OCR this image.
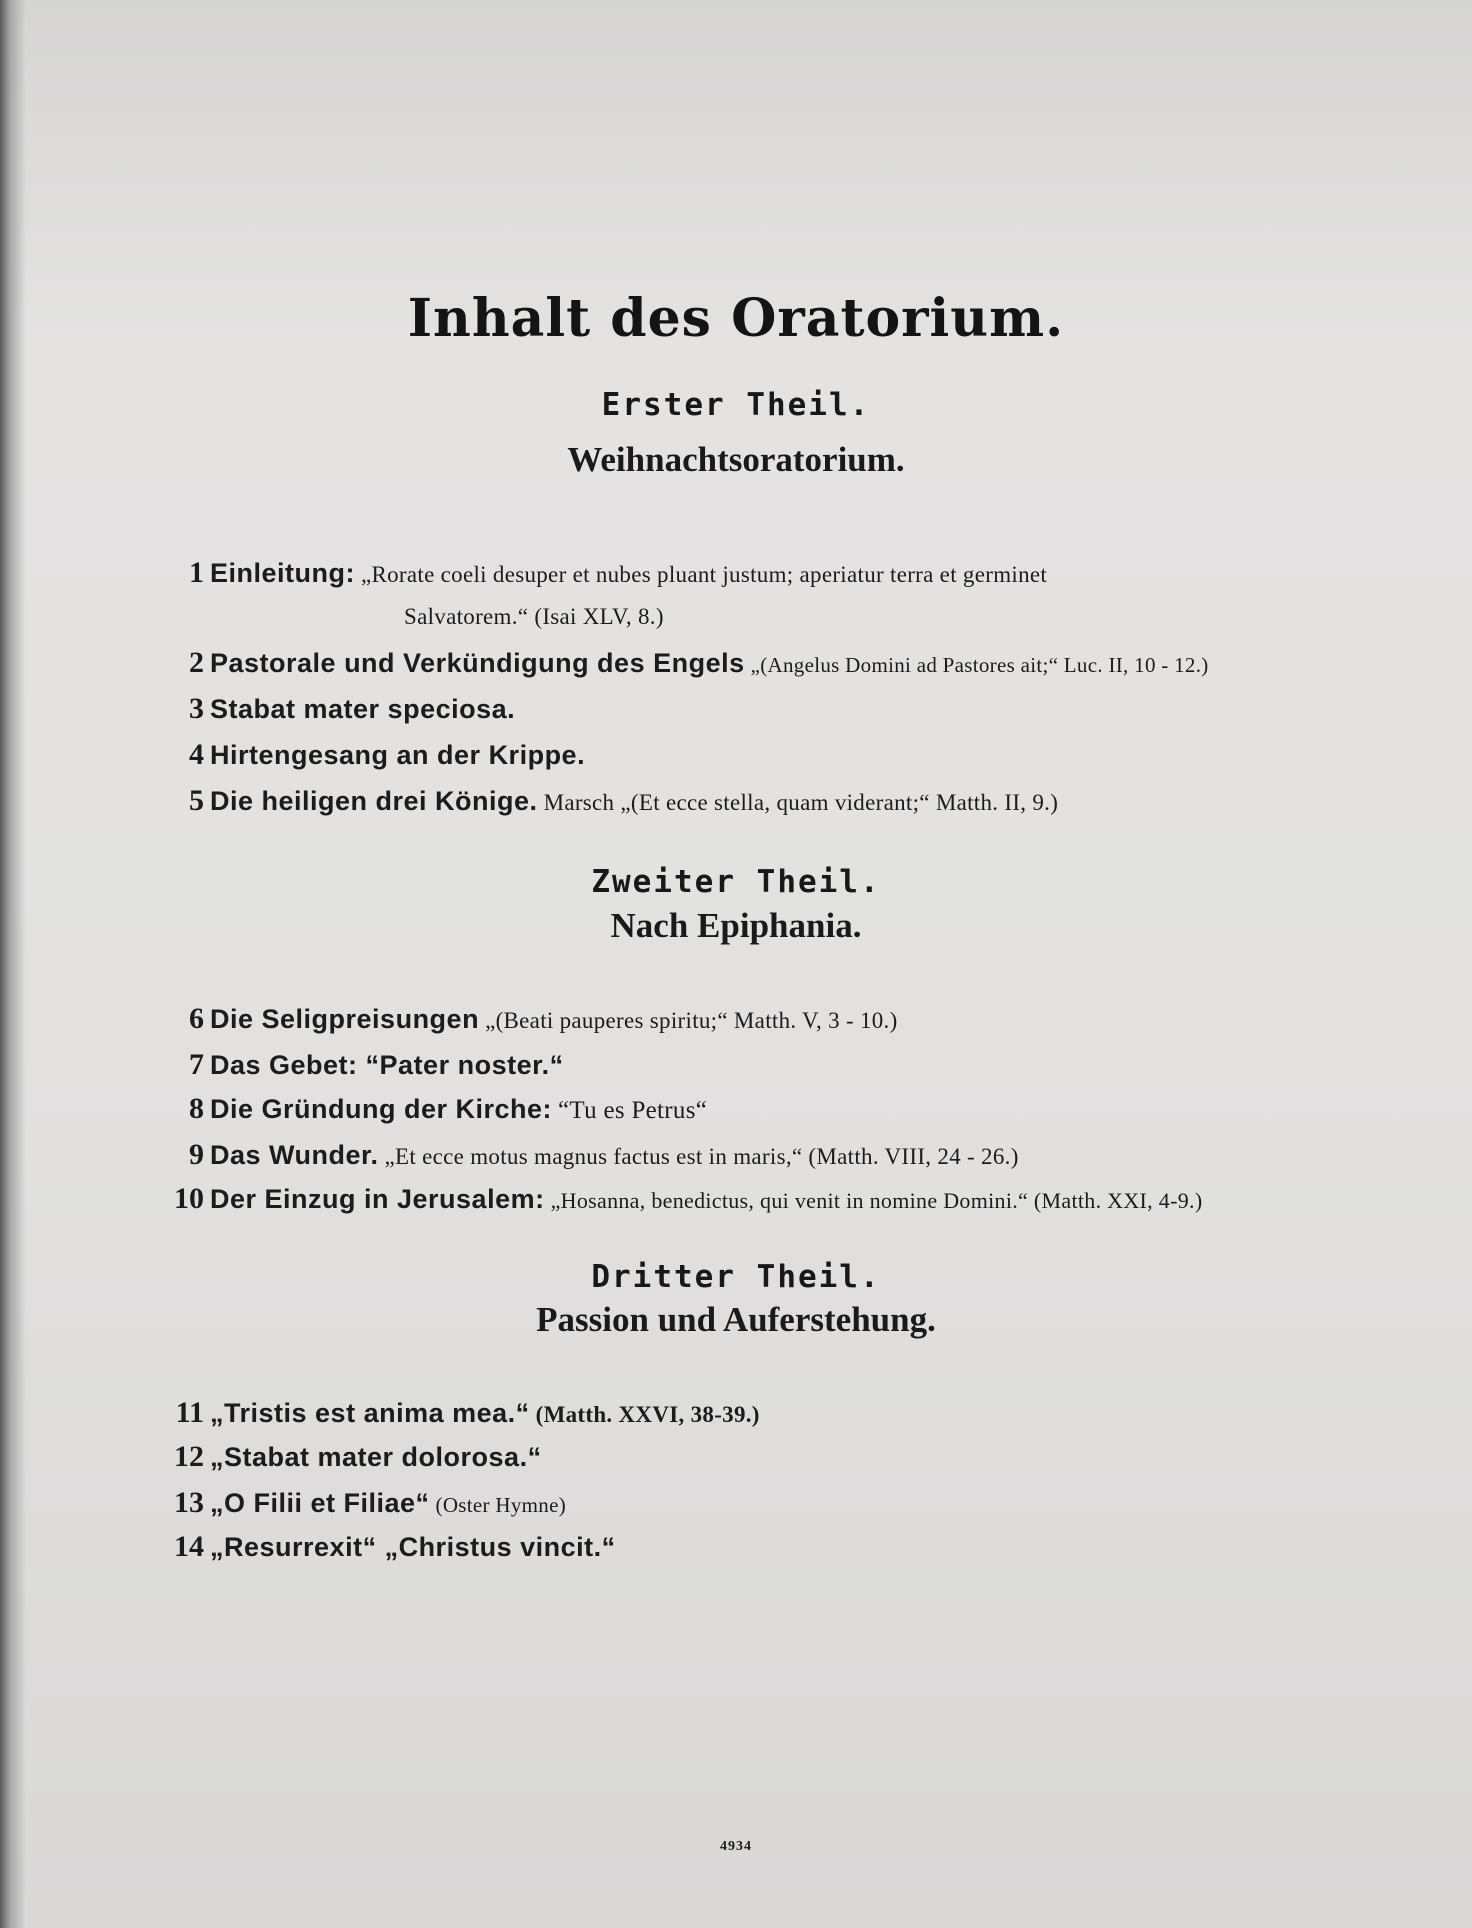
Inhalt des Oratorium.
Erster Theil.
Weihnachtsoratorium.

1 Einleitung: „Rorate coeli desuper et nubes pluant justum; aperiatur terra et germinet

Salvatorem.“ (Isai XLV, 8.)

2 Pastorale und Verkündigung des Engels „(Angelus Domini ad Pastores ait;“ Luc. II, 10 - 12.)

3 Stabat mater speciosa.

4 Hirtengesang an der Krippe.

5 Die heiligen drei Könige. Marsch „(Et ecce stella, quam viderant;“ Matth. II, 9.)

Zweiter Theil.
Nach Epiphania.

6 Die Seligpreisungen „(Beati pauperes spiritu;“ Matth. V, 3 - 10.)

7 Das Gebet: “Pater noster.“

8 Die Gründung der Kirche: “Tu es Petrus“

9 Das Wunder. „Et ecce motus magnus factus est in maris,“ (Matth. VIII, 24 - 26.)

10 Der Einzug in Jerusalem: „Hosanna, benedictus, qui venit in nomine Domini.“ (Matth. XXI, 4-9.)

Dritter Theil.
Passion und Auferstehung.

11 „Tristis est anima mea.“ (Matth. XXVI, 38-39.)

12 „Stabat mater dolorosa.“

13 „O Filii et Filiae“ (Oster Hymne)

14 „Resurrexit“ „Christus vincit.“

4934
